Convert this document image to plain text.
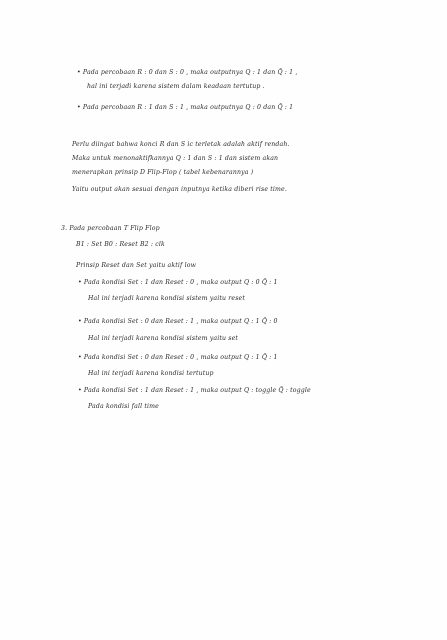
• Pada percobaan R : 0 dan S : 0 , maka outputnya Q : 1 dan Q̄ : 1 ,
hal ini terjadi karena sistem dalam keadaan tertutup .
• Pada percobaan R : 1 dan S : 1 , maka outputnya Q : 0 dan Q̄ : 1
Perlu diingat bahwa konci R dan S ic terletak adalah aktif rendah.
Maka untuk menonaktifkannya Q : 1 dan S : 1 dan sistem akan
menerapkan prinsip D Flip-Flop ( tabel kebenarannya )
Yaitu output akan sesuai dengan inputnya ketika diberi rise time.
3. Pada percobaan T Flip Flop
B1 : Set B0 : Reset B2 : clk
Prinsip Reset dan Set yaitu aktif low
• Pada kondisi Set : 1 dan Reset : 0 , maka output Q : 0 Q̄ : 1
Hal ini terjadi karena kondisi sistem yaitu reset
• Pada kondisi Set : 0 dan Reset : 1 , maka output Q : 1 Q̄ : 0
Hal ini terjadi karena kondisi sistem yaitu set
• Pada kondisi Set : 0 dan Reset : 0 , maka output Q : 1 Q̄ : 1
Hal ini terjadi karena kondisi tertutup
• Pada kondisi Set : 1 dan Reset : 1 , maka output Q : toggle Q̄ : toggle
Pada kondisi fall time
